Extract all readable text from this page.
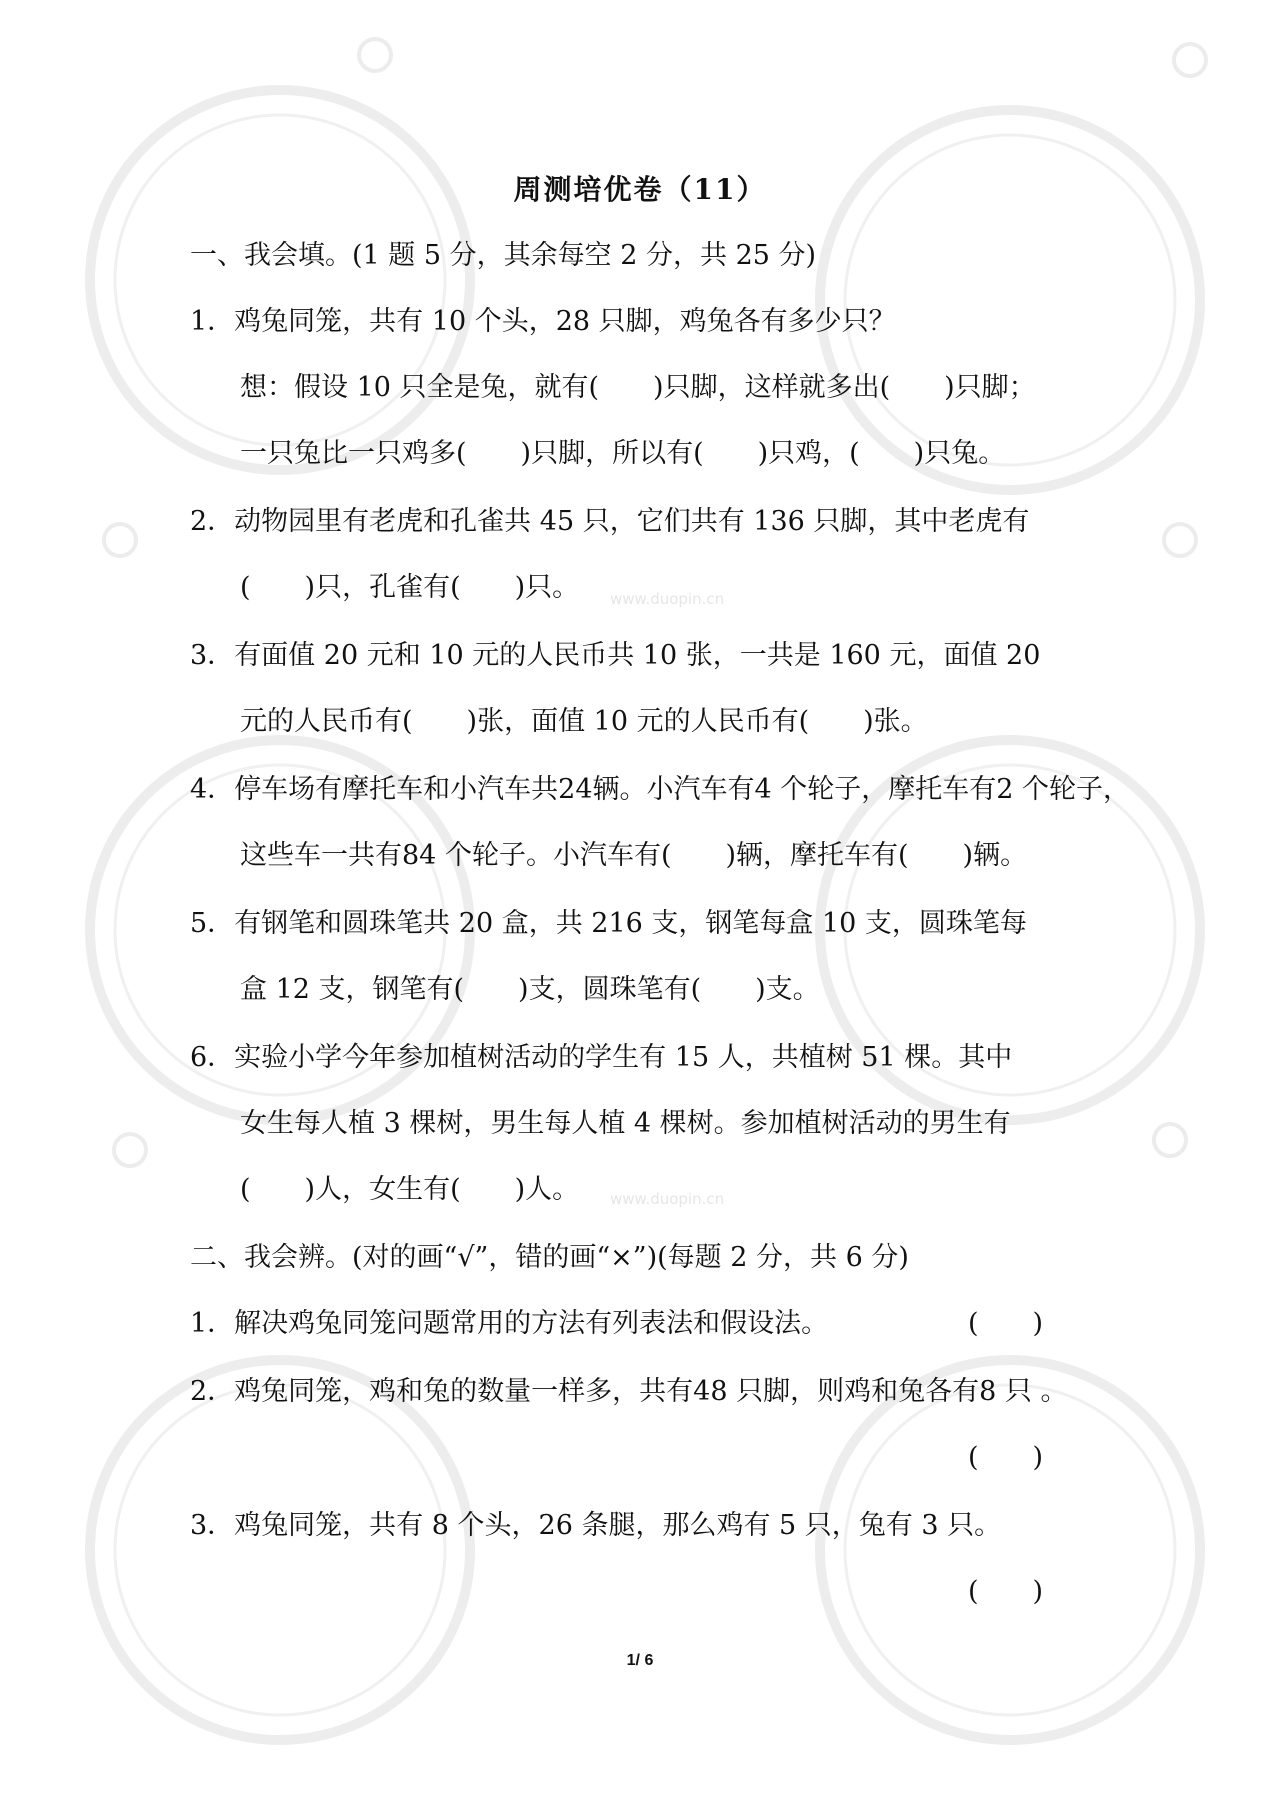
www.duopin.cn
www.duopin.cn
周测培优卷（11）
一、我会填。(1 题 5 分，其余每空 2 分，共 25 分)
1．鸡兔同笼，共有 10 个头，28 只脚，鸡兔各有多少只？
想：假设 10 只全是兔，就有(　　)只脚，这样就多出(　　)只脚；
一只兔比一只鸡多(　　)只脚，所以有(　　)只鸡，(　　)只兔。
2．动物园里有老虎和孔雀共 45 只，它们共有 136 只脚，其中老虎有
(　　)只，孔雀有(　　)只。
3．有面值 20 元和 10 元的人民币共 10 张，一共是 160 元，面值 20
元的人民币有(　　)张，面值 10 元的人民币有(　　)张。
4．停车场有摩托车和小汽车共24辆。小汽车有4 个轮子，摩托车有2 个轮子，
这些车一共有84 个轮子。小汽车有(　　)辆，摩托车有(　　)辆。
5．有钢笔和圆珠笔共 20 盒，共 216 支，钢笔每盒 10 支，圆珠笔每
盒 12 支，钢笔有(　　)支，圆珠笔有(　　)支。
6．实验小学今年参加植树活动的学生有 15 人，共植树 51 棵。其中
女生每人植 3 棵树，男生每人植 4 棵树。参加植树活动的男生有
(　　)人，女生有(　　)人。
二、我会辨。(对的画“√”，错的画“×”)(每题 2 分，共 6 分)
1．解决鸡兔同笼问题常用的方法有列表法和假设法。	(　　)
2．鸡兔同笼，鸡和兔的数量一样多，共有48 只脚，则鸡和兔各有8 只 。
(　　)
3．鸡兔同笼，共有 8 个头，26 条腿，那么鸡有 5 只，兔有 3 只。
(　　)
1/ 6
